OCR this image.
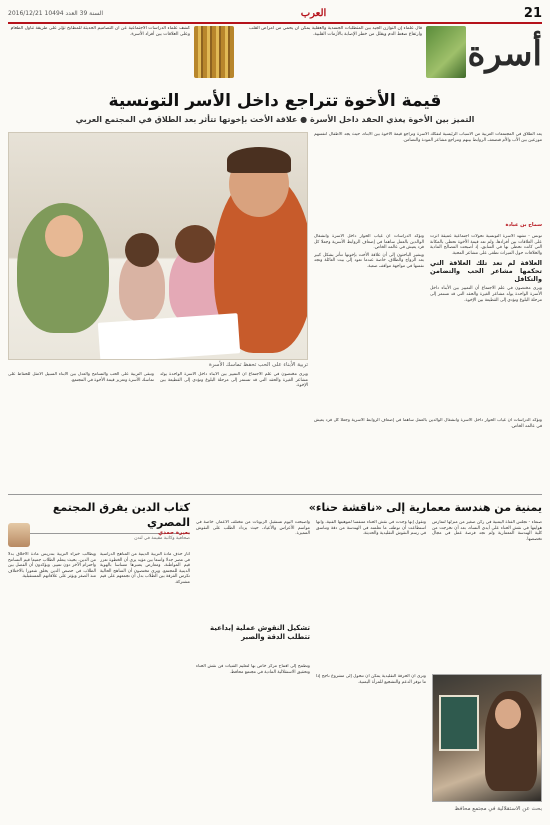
21
العرب
2016/12/21 السنة 39 العدد 10494
أسرة
قال علماء إن التوازن الجيد بين المتطلبات الجسدية والعقلية يمكن أن يحمي من أمراض القلب وارتفاع ضغط الدم ويقلل من خطر الإصابة بالأزمات القلبية.
كشف علماء الدراسات الاجتماعية عن أن التصاميم الحديثة للمطابخ تؤثر على طريقة تناول الطعام وعلى العلاقات بين أفراد الأسرة.
قيمة الأخوة تتراجع داخل الأسر التونسية
التميز بين الأخوة يغذي الحقد داخل الأسرة ● علاقة الأخت بإخوتها تتأثر بعد الطلاق في المجتمع العربي
تربية الأبناء على الحب تحفظ تماسك الأسرة

يعد الطلاق في المجتمعات العربية من الأسباب الرئيسية لتفكك الأسرة وتراجع قيمة الأخوة بين الأبناء، حيث يجد الأطفال أنفسهم موزعين بين الأب والأم فتضعف الروابط بينهم وتتراجع مشاعر المودة والتضامن.

سماح بن عبادة

تونس - تشهد الأسرة التونسية تحولات اجتماعية عميقة أثرت على العلاقات بين أفرادها، ولم تعد قيمة الأخوة تحظى بالمكانة التي كانت تحظى بها في السابق، إذ أصبحت المصالح المادية والخلافات حول الميراث تطغى على مشاعر المحبة.

العلاقة لم تعد تلك العلاقة التي تحكمها مشاعر الحب والتضامن والتكافل

ويرى مختصون في علم الاجتماع أن التمييز بين الأبناء داخل الأسرة الواحدة يولد مشاعر الغيرة والحقد التي قد تستمر إلى مرحلة البلوغ وتؤدي إلى القطيعة بين الإخوة.

وتؤكد الدراسات أن غياب الحوار داخل الأسرة وانشغال الوالدين بالعمل ساهما في إضعاف الروابط الأسرية وجعلا كل فرد يعيش في عالمه الخاص.

ويشير الباحثون إلى أن علاقة الأخت بإخوتها تتأثر بشكل كبير بعد الزواج والطلاق، خاصة عندما تعود إلى بيت العائلة وتجد نفسها في مواجهة مواقف صعبة.

وتبقى التربية على الحب والتسامح والعدل بين الأبناء السبيل الأمثل للحفاظ على تماسك الأسرة وتعزيز قيمة الأخوة في المجتمع.

ويرى مختصون في علم الاجتماع أن التمييز بين الأبناء داخل الأسرة الواحدة يولد مشاعر الغيرة والحقد التي قد تستمر إلى مرحلة البلوغ وتؤدي إلى القطيعة بين الإخوة.

وتؤكد الدراسات أن غياب الحوار داخل الأسرة وانشغال الوالدين بالعمل ساهما في إضعاف الروابط الأسرية وجعلا كل فرد يعيش في عالمه الخاص.

يمنية من هندسة معمارية إلى «ناقشة حناء»
صنعاء - تجلس الفتاة اليمنية في ركن صغير من منزلها لتمارس هوايتها في نقش الحناء على أيدي النساء، بعد أن تخرجت من كلية الهندسة المعمارية ولم تجد فرصة عمل في مجال تخصصها.
وتقول إنها وجدت في نقش الحناء متنفسا لموهبتها الفنية، وأنها استطاعت أن توظف ما تعلمته في الهندسة من دقة وتناسق في رسم النقوش التقليدية والحديثة.
وأصبحت اليوم تستقبل الزبونات من مختلف الأعمار، خاصة في مواسم الأعراس والأعياد، حيث يزداد الطلب على النقوش المميزة.
تشكيل النقوش عملية إبداعية تتطلب الدقة والصبر
وتطمح إلى افتتاح مركز خاص بها لتعليم الفتيات فن نقش الحناء وتحقيق الاستقلالية المادية في مجتمع محافظ.
وترى أن الحرفة التقليدية يمكن أن تتحول إلى مشروع ناجح إذا ما توفر الدعم والتشجيع للمرأة اليمنية.
بحث عن الاستقلالية في مجتمع محافظ
كتاب الدين يفرق المجتمع المصري
بعيرة حمدي
صحافية وكاتبة مقيمة في لندن
أثار حذف مادة التربية الدينية من المناهج الدراسية في مصر جدلا واسعا بين مؤيد يرى أن الخطوة تعزز قيم المواطنة، ومعارض يعتبرها مساسا بالهوية الدينية للمجتمع. ويرى مختصون أن المناهج الحالية تكرس الفرقة بين الطلاب بدل أن تجمعهم على قيم مشتركة.
ويطالب خبراء التربية بتدريس مادة الأخلاق بدلا من الدين، بحيث يتعلم الطلاب جميعا قيم التسامح واحترام الآخر دون تمييز. ويؤكدون أن الفصل بين الطلاب في حصص الدين يخلق شعورا بالاختلاف منذ الصغر ويؤثر على علاقاتهم المستقبلية.
